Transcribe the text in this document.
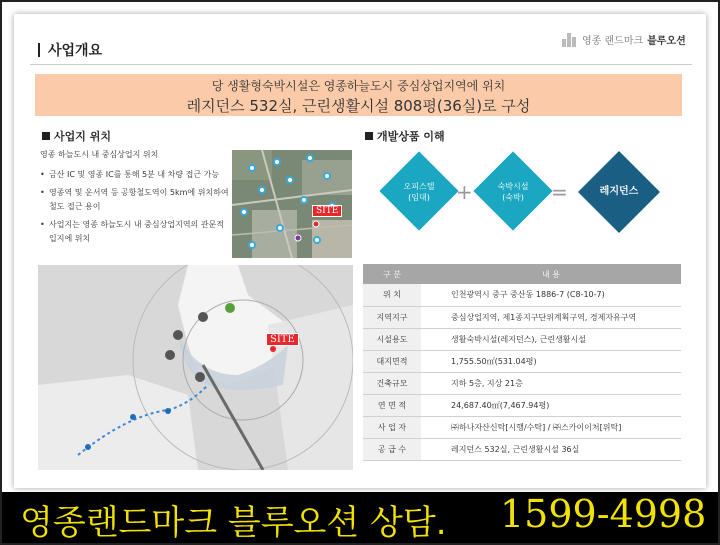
사업개요
영종 랜드마크 블루오션
당 생활형숙박시설은 영종하늘도시 중심상업지역에 위치
레지던스 532실, 근린생활시설 808평(36실)로 구성
사업지 위치	개발상품 이해
영종 하늘도시 내 중심상업지 위치
• 금산 IC 및 영종 IC를 통해 5분 내 차량 접근 가능
• 영종역 및 운서역 등 공항철도역이 5km에 위치하여 철도 접근 용이
• 사업지는 영종 하늘도시 내 중심상업지역의 관문적 입지에 위치
SITE
SITE
오피스텔
(임대)	+	숙박시설
(숙박)	=	레지던스
구 분	내 용
위 치	인천광역시 중구 중산동 1886-7 (C8-10-7)
지역지구	중심상업지역, 제1종지구단위계획구역, 경제자유구역
시설용도	생활숙박시설(레지던스), 근린생활시설
대지면적	1,755.50㎡(531.04평)
건축규모	지하 5층, 지상 21층
연 면 적	24,687.40㎡(7,467.94평)
사 업 자	㈜하나자산신탁[시행/수탁] / ㈜스카이이처[위탁]
공 급 수	레지던스 532실, 근린생활시설 36실
영종랜드마크 블루오션 상담. 1599-4998
